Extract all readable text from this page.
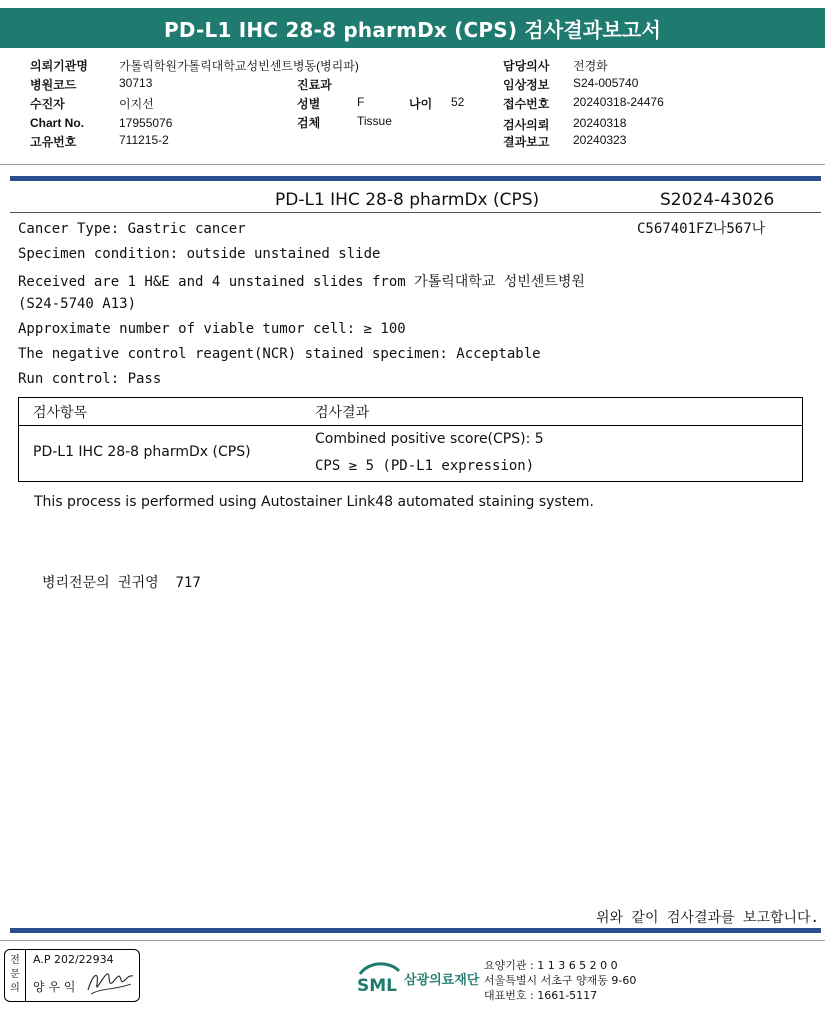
PD-L1 IHC 28-8 pharmDx (CPS) 검사결과보고서
의뢰기관명	가톨릭학원가톨릭대학교성빈센트병동(병리파)
병원코드	30713
수진자	이지선
Chart No.	17955076
고유번호	711215-2
진료과
성별	F	나이 52
검체	Tissue
담당의사 전경화
임상정보 S24-005740
접수번호 20240318-24476
검사의뢰 20240318
결과보고 20240323
PD-L1 IHC 28-8 pharmDx (CPS)	S2024-43026
C567401FZ나567나
Cancer Type: Gastric cancer
Specimen condition: outside unstained slide
Received are 1 H&E and 4 unstained slides from 가톨릭대학교 성빈센트병원
(S24-5740 A13)
Approximate number of viable tumor cell: ≥ 100
The negative control reagent(NCR) stained specimen: Acceptable
Run control: Pass
검사항목	검사결과
PD-L1 IHC 28-8 pharmDx (CPS)
Combined positive score(CPS): 5
CPS ≥ 5 (PD-L1 expression)
This process is performed using Autostainer Link48 automated staining system.
병리전문의 권귀영  717
위와 같이 검사결과를 보고합니다.
전문의
A.P 202/22934
양 우 익	SML 삼광의료재단
요양기관 : 1 1 3 6 5 2 0 0
서울특별시 서초구 양재동 9-60
대표번호 : 1661-5117
